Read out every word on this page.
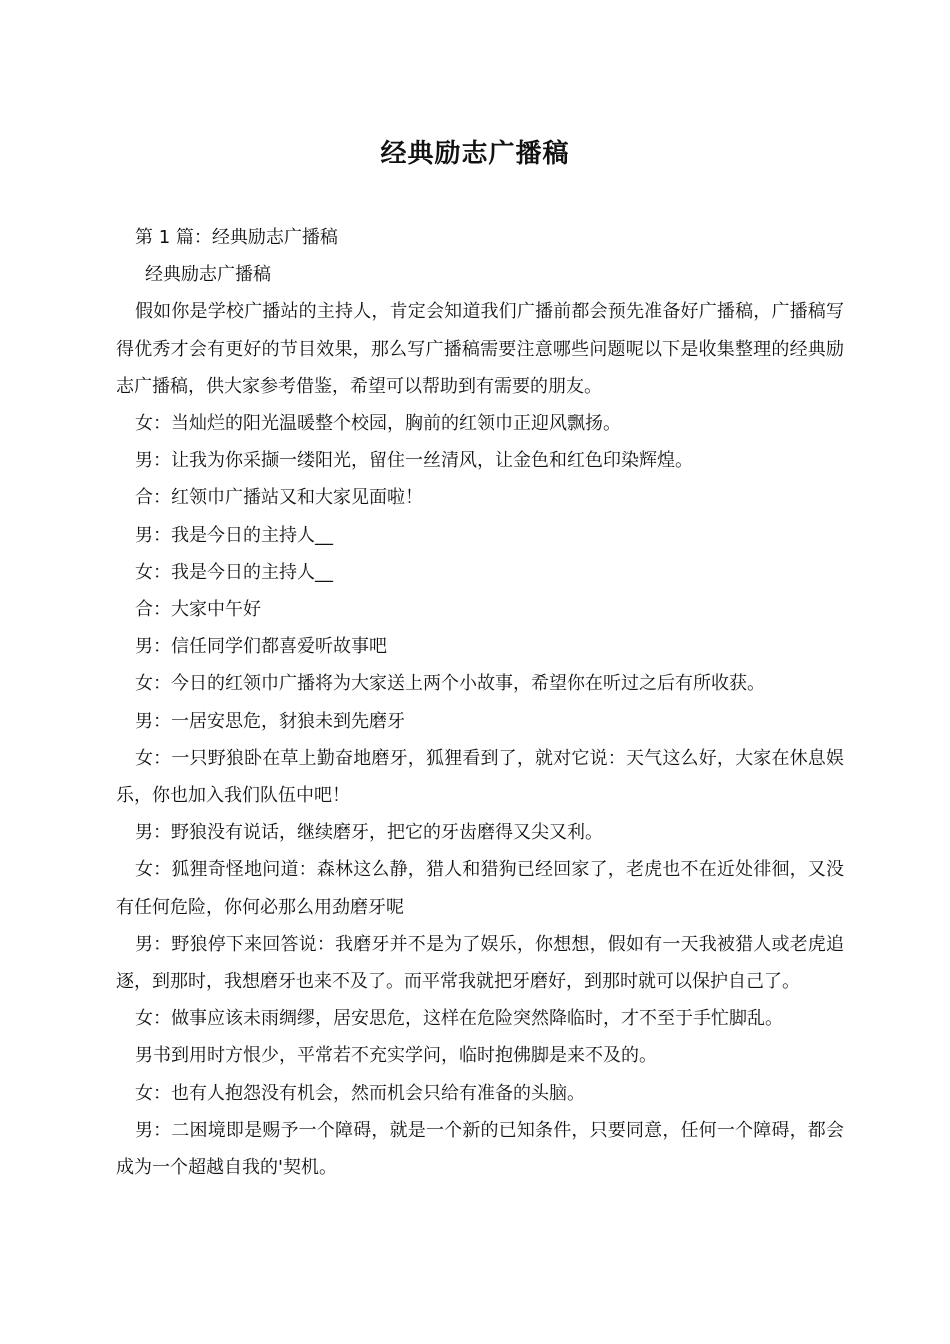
经典励志广播稿

第 1 篇：经典励志广播稿

经典励志广播稿

假如你是学校广播站的主持人，肯定会知道我们广播前都会预先准备好广播稿，广播稿写得优秀才会有更好的节目效果，那么写广播稿需要注意哪些问题呢以下是收集整理的经典励志广播稿，供大家参考借鉴，希望可以帮助到有需要的朋友。

女：当灿烂的阳光温暖整个校园，胸前的红领巾正迎风飘扬。

男：让我为你采撷一缕阳光，留住一丝清风，让金色和红色印染辉煌。

合：红领巾广播站又和大家见面啦！

男：我是今日的主持人__

女：我是今日的主持人__

合：大家中午好

男：信任同学们都喜爱听故事吧

女：今日的红领巾广播将为大家送上两个小故事，希望你在听过之后有所收获。

男：一居安思危，豺狼未到先磨牙

女：一只野狼卧在草上勤奋地磨牙，狐狸看到了，就对它说：天气这么好，大家在休息娱乐，你也加入我们队伍中吧！

男：野狼没有说话，继续磨牙，把它的牙齿磨得又尖又利。

女：狐狸奇怪地问道：森林这么静，猎人和猎狗已经回家了，老虎也不在近处徘徊，又没有任何危险，你何必那么用劲磨牙呢

男：野狼停下来回答说：我磨牙并不是为了娱乐，你想想，假如有一天我被猎人或老虎追逐，到那时，我想磨牙也来不及了。而平常我就把牙磨好，到那时就可以保护自己了。

女：做事应该未雨绸缪，居安思危，这样在危险突然降临时，才不至于手忙脚乱。

男书到用时方恨少，平常若不充实学问，临时抱佛脚是来不及的。

女：也有人抱怨没有机会，然而机会只给有准备的头脑。

男：二困境即是赐予一个障碍，就是一个新的已知条件，只要同意，任何一个障碍，都会成为一个超越自我的'契机。
